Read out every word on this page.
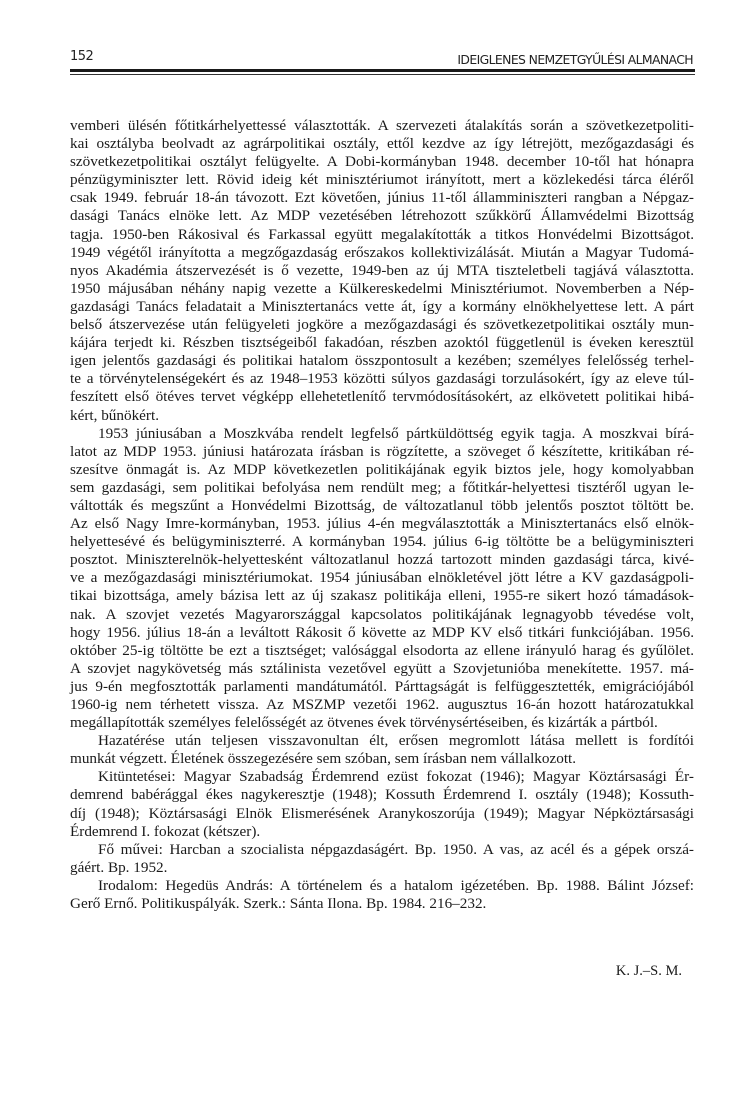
152	IDEIGLENES NEMZETGYŰLÉSI ALMANACH
vemberi ülésén főtitkárhelyettessé választották. A szervezeti átalakítás során a szövetkezetpoliti-
kai osztályba beolvadt az agrárpolitikai osztály, ettől kezdve az így létrejött, mezőgazdasági és
szövetkezetpolitikai osztályt felügyelte. A Dobi-kormányban 1948. december 10-től hat hónapra
pénzügyminiszter lett. Rövid ideig két minisztériumot irányított, mert a közlekedési tárca éléről
csak 1949. február 18-án távozott. Ezt követően, június 11-től államminiszteri rangban a Népgaz-
dasági Tanács elnöke lett. Az MDP vezetésében létrehozott szűkkörű Államvédelmi Bizottság
tagja. 1950-ben Rákosival és Farkassal együtt megalakították a titkos Honvédelmi Bizottságot.
1949 végétől irányította a megzőgazdaság erőszakos kollektivizálását. Miután a Magyar Tudomá-
nyos Akadémia átszervezését is ő vezette, 1949-ben az új MTA tiszteletbeli tagjává választotta.
1950 májusában néhány napig vezette a Külkereskedelmi Minisztériumot. Novemberben a Nép-
gazdasági Tanács feladatait a Minisztertanács vette át, így a kormány elnökhelyettese lett. A párt
belső átszervezése után felügyeleti jogköre a mezőgazdasági és szövetkezetpolitikai osztály mun-
kájára terjedt ki. Részben tisztségeiből fakadóan, részben azoktól függetlenül is éveken keresztül
igen jelentős gazdasági és politikai hatalom összpontosult a kezében; személyes felelősség terhel-
te a törvénytelenségekért és az 1948–1953 közötti súlyos gazdasági torzulásokért, így az eleve túl-
feszített első ötéves tervet végképp ellehetetlenítő tervmódosításokért, az elkövetett politikai hibá-
kért, bűnökért.
1953 júniusában a Moszkvába rendelt legfelső pártküldöttség egyik tagja. A moszkvai bírá-
latot az MDP 1953. júniusi határozata írásban is rögzítette, a szöveget ő készítette, kritikában ré-
szesítve önmagát is. Az MDP következetlen politikájának egyik biztos jele, hogy komolyabban
sem gazdasági, sem politikai befolyása nem rendült meg; a főtitkár-helyettesi tisztéről ugyan le-
váltották és megszűnt a Honvédelmi Bizottság, de változatlanul több jelentős posztot töltött be.
Az első Nagy Imre-kormányban, 1953. július 4-én megválasztották a Minisztertanács első elnök-
helyettesévé és belügyminiszterré. A kormányban 1954. július 6-ig töltötte be a belügyminiszteri
posztot. Miniszterelnök-helyettesként változatlanul hozzá tartozott minden gazdasági tárca, kivé-
ve a mezőgazdasági minisztériumokat. 1954 júniusában elnökletével jött létre a KV gazdaságpoli-
tikai bizottsága, amely bázisa lett az új szakasz politikája elleni, 1955-re sikert hozó támadások-
nak. A szovjet vezetés Magyarországgal kapcsolatos politikájának legnagyobb tévedése volt,
hogy 1956. július 18-án a leváltott Rákosit ő követte az MDP KV első titkári funkciójában. 1956.
október 25-ig töltötte be ezt a tisztséget; valósággal elsodorta az ellene irányuló harag és gyűlölet.
A szovjet nagykövetség más sztálinista vezetővel együtt a Szovjetunióba menekítette. 1957. má-
jus 9-én megfosztották parlamenti mandátumától. Párttagságát is felfüggesztették, emigrációjából
1960-ig nem térhetett vissza. Az MSZMP vezetői 1962. augusztus 16-án hozott határozatukkal
megállapították személyes felelősségét az ötvenes évek törvénysértéseiben, és kizárták a pártból.
Hazatérése után teljesen visszavonultan élt, erősen megromlott látása mellett is fordítói
munkát végzett. Életének összegezésére sem szóban, sem írásban nem vállalkozott.
Kitüntetései: Magyar Szabadság Érdemrend ezüst fokozat (1946); Magyar Köztársasági Ér-
demrend babérággal ékes nagykeresztje (1948); Kossuth Érdemrend I. osztály (1948); Kossuth-
díj (1948); Köztársasági Elnök Elismerésének Aranykoszorúja (1949); Magyar Népköztársasági
Érdemrend I. fokozat (kétszer).
Fő művei: Harcban a szocialista népgazdaságért. Bp. 1950. A vas, az acél és a gépek orszá-
gáért. Bp. 1952.
Irodalom: Hegedüs András: A történelem és a hatalom igézetében. Bp. 1988. Bálint József:
Gerő Ernő. Politikuspályák. Szerk.: Sánta Ilona. Bp. 1984. 216–232.
K. J.–S. M.
